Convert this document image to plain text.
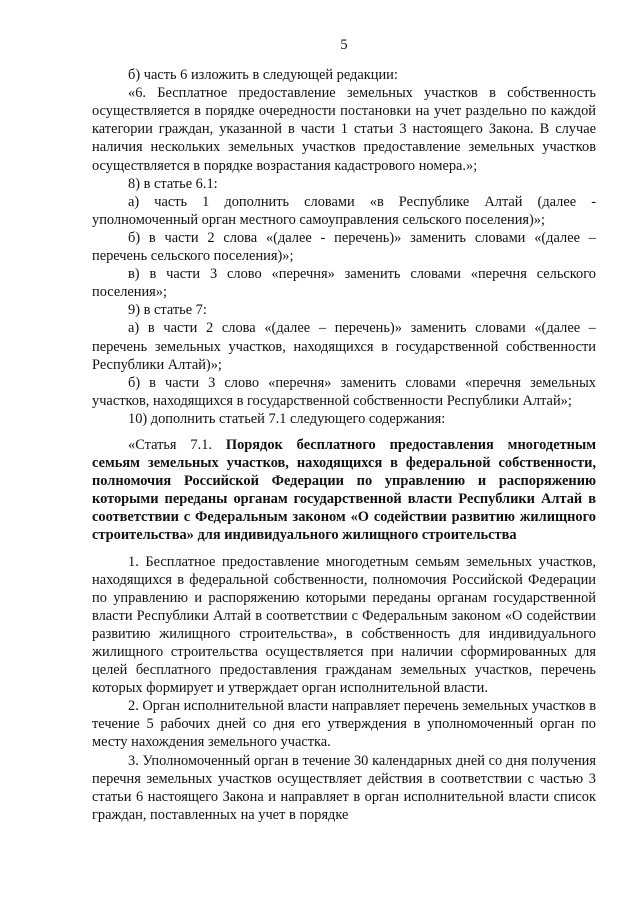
5

б) часть 6 изложить в следующей редакции:

«6. Бесплатное предоставление земельных участков в собственность осуществляется в порядке очередности постановки на учет раздельно по каждой категории граждан, указанной в части 1 статьи 3 настоящего Закона. В случае наличия нескольких земельных участков предоставление земельных участков осуществляется в порядке возрастания кадастрового номера.»;

8) в статье 6.1:

а) часть 1 дополнить словами «в Республике Алтай (далее - уполномоченный орган местного самоуправления сельского поселения)»;

б) в части 2 слова «(далее - перечень)» заменить словами «(далее – перечень сельского поселения)»;

в) в части 3 слово «перечня» заменить словами «перечня сельского поселения»;

9) в статье 7:

а) в части 2 слова «(далее – перечень)» заменить словами «(далее – перечень земельных участков, находящихся в государственной собственности Республики Алтай)»;

б) в части 3 слово «перечня» заменить словами «перечня земельных участков, находящихся в государственной собственности Республики Алтай»;

10) дополнить статьей 7.1 следующего содержания:

«Статья 7.1. Порядок бесплатного предоставления многодетным семьям земельных участков, находящихся в федеральной собственности, полномочия Российской Федерации по управлению и распоряжению которыми переданы органам государственной власти Республики Алтай в соответствии с Федеральным законом «О содействии развитию жилищного строительства» для индивидуального жилищного строительства

1. Бесплатное предоставление многодетным семьям земельных участков, находящихся в федеральной собственности, полномочия Российской Федерации по управлению и распоряжению которыми переданы органам государственной власти Республики Алтай в соответствии с Федеральным законом «О содействии развитию жилищного строительства», в собственность для индивидуального жилищного строительства осуществляется при наличии сформированных для целей бесплатного предоставления гражданам земельных участков, перечень которых формирует и утверждает орган исполнительной власти.

2. Орган исполнительной власти направляет перечень земельных участков в течение 5 рабочих дней со дня его утверждения в уполномоченный орган по месту нахождения земельного участка.

3. Уполномоченный орган в течение 30 календарных дней со дня получения перечня земельных участков осуществляет действия в соответствии с частью 3 статьи 6 настоящего Закона и направляет в орган исполнительной власти список граждан, поставленных на учет в порядке
